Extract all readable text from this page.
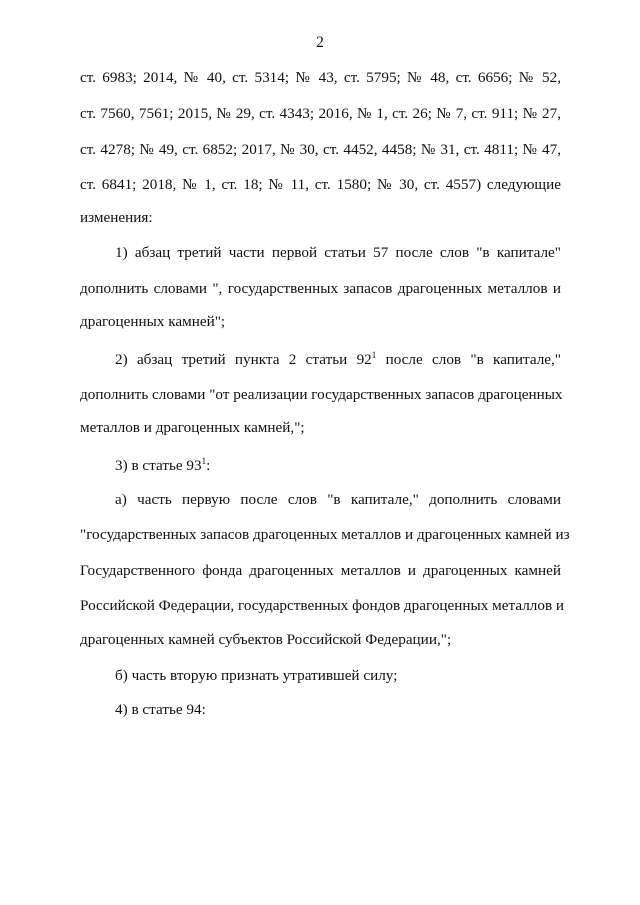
2
ст. 6983; 2014, № 40, ст. 5314; № 43, ст. 5795; № 48, ст. 6656; № 52,
ст. 7560, 7561; 2015, № 29, ст. 4343; 2016, № 1, ст. 26; № 7, ст. 911; № 27,
ст. 4278; № 49, ст. 6852; 2017, № 30, ст. 4452, 4458; № 31, ст. 4811; № 47,
ст. 6841; 2018, № 1, ст. 18; № 11, ст. 1580; № 30, ст. 4557) следующие
изменения:
1) абзац третий части первой статьи 57 после слов "в капитале"
дополнить словами ", государственных запасов драгоценных металлов и
драгоценных камней";
2) абзац третий пункта 2 статьи $92^1$ после слов "в капитале,"
дополнить словами "от реализации государственных запасов драгоценных
металлов и драгоценных камней,";
3) в статье $93^1$:
а) часть первую после слов "в капитале," дополнить словами
"государственных запасов драгоценных металлов и драгоценных камней из
Государственного фонда драгоценных металлов и драгоценных камней
Российской Федерации, государственных фондов драгоценных металлов и
драгоценных камней субъектов Российской Федерации,";
б) часть вторую признать утратившей силу;
4) в статье 94:
